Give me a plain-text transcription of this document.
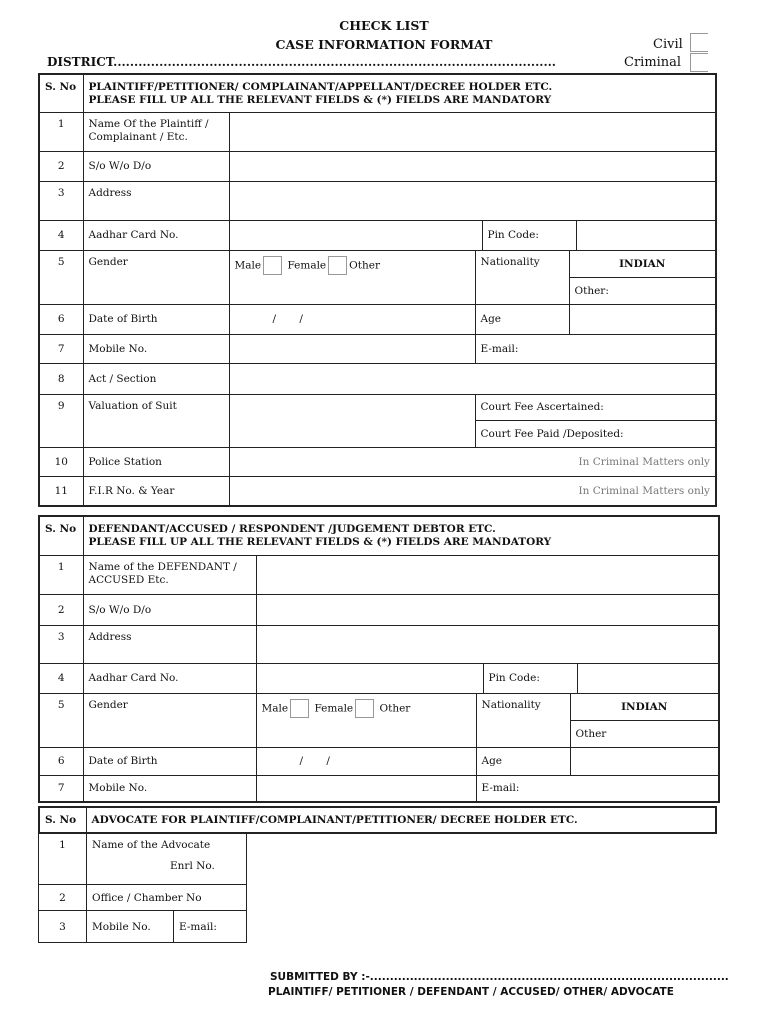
CHECK LIST
CASE INFORMATION FORMAT
DISTRICT..........................................................................................................
Civil
Criminal
S. No	PLAINTIFF/PETITIONER/ COMPLAINANT/APPELLANT/DECREE HOLDER ETC.
PLEASE FILL UP ALL THE RELEVANT FIELDS & (*) FIELDS ARE MANDATORY					

1	Name Of the Plaintiff / Complainant / Etc.					
2	S/o W/o D/o					
3	Address					
4	Aadhar Card No.			Pin Code:		
5	Gender	Male Female Other	Nationality		INDIAN	
					Other:	
6	Date of Birth	/       /	Age			
7	Mobile No.		E-mail:			
8	Act / Section					
9	Valuation of Suit		Court Fee Ascertained:			
			Court Fee Paid /Deposited:			
10	Police Station	In Criminal Matters only				
11	F.I.R No. & Year	In Criminal Matters only				
S. No	DEFENDANT/ACCUSED / RESPONDENT /JUDGEMENT DEBTOR ETC.
PLEASE FILL UP ALL THE RELEVANT FIELDS & (*) FIELDS ARE MANDATORY					

1	Name of the DEFENDANT / ACCUSED Etc.					
2	S/o W/o D/o					
3	Address					
4	Aadhar Card No.			Pin Code:		
5	Gender	Male Female Other	Nationality		INDIAN	
					Other	
6	Date of Birth	/       /	Age			
7	Mobile No.		E-mail:			
S. No	ADVOCATE FOR PLAINTIFF/COMPLAINANT/PETITIONER/ DECREE HOLDER ETC.
1	Name of the Advocate
Enrl No.	

2	Office / Chamber No	
3	Mobile No.	E-mail:
SUBMITTED BY :-..........................................................................................
PLAINTIFF/ PETITIONER / DEFENDANT / ACCUSED/ OTHER/ ADVOCATE
